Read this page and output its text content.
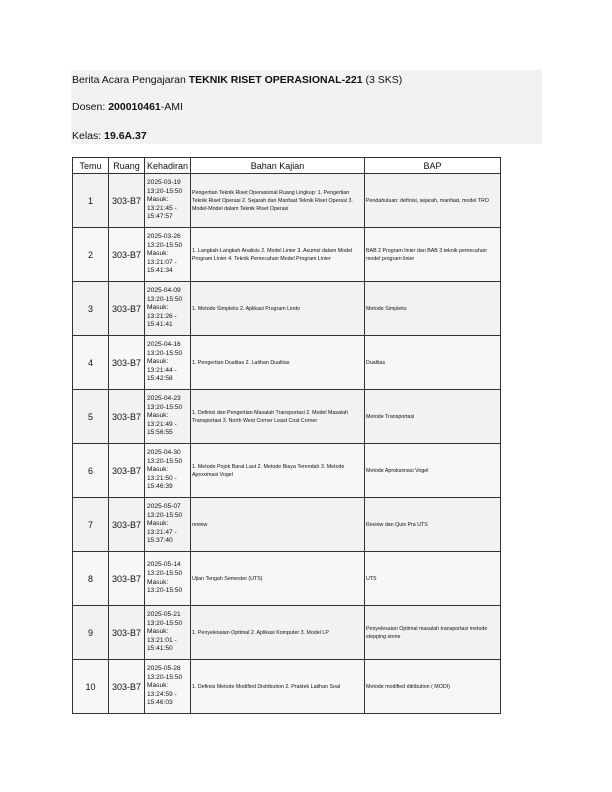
Berita Acara Pengajaran TEKNIK RISET OPERASIONAL-221 (3 SKS)
Dosen: 200010461-AMI
Kelas: 19.6A.37
Temu	Ruang	Kehadiran	Bahan Kajian	BAP
1	303-B7	2025-03-19
13:20-15:50
Masuk:
13:21:45 -
15:47:57	Pengertian Teknik Riset Operasional Ruang Lingkup: 1. Pengertian Teknik Riset Operasi 2. Sejarah dan Manfaat Teknik Riset Operasi 3. Model-Model dalam Teknik Riset Operasi	Pendahuluan: definisi, sejarah, manfaat, model TRO
2	303-B7	2025-03-26
13:20-15:50
Masuk:
13:21:07 -
15:41:34	1. Langkah-Langkah Analisis 2. Model Linier 3. Asumsi dalam Model Program Linier 4. Teknik Pemecahan Model Program Linier	BAB 2 Program linier dan BAB 3 teknik pemecahan model program linier
3	303-B7	2025-04-09
13:20-15:50
Masuk:
13:21:26 -
15:41:41	1. Metode Simpleks 2. Aplikasi Program Lindo	Metode Simpleks
4	303-B7	2025-04-16
13:20-15:50
Masuk:
13:21:44 -
15:42:58	1. Pengertian Dualitas 2. Latihan Dualitas	Dualitas
5	303-B7	2025-04-23
13:20-15:50
Masuk:
13:21:49 -
15:56:55	1. Definisi dan Pengertian Masalah Transportasi 2. Model Masalah Transportasi 3. North West Corner Least Cost Corner	Metode Transportasi
6	303-B7	2025-04-30
13:20-15:50
Masuk:
13:21:50 -
15:46:39	1. Metode Pojok Barat Laut 2. Metode Biaya Terendah 3. Metode Aproximasi Vogel	Metode Aproksimasi Vogel
7	303-B7	2025-05-07
13:20-15:50
Masuk:
13:21:47 -
15:37:40	review	Review dan Quis Pra UTS
8	303-B7	2025-05-14
13:20-15:50
Masuk:
13:20-15:50	Ujian Tengah Semester (UTS)	UTS
9	303-B7	2025-05-21
13:20-15:50
Masuk:
13:21:01 -
15:41:50	1. Penyelesaian Optimal 2. Aplikasi Komputer 3. Model LP	Penyelesaian Optimal masalah transportasi metode stepping stone
10	303-B7	2025-05-28
13:20-15:50
Masuk:
13:24:59 -
15:46:03	1. Definisi Metode Modified Distribution 2. Praktek Latihan Soal	Metode modified ditribution ( MODI)
